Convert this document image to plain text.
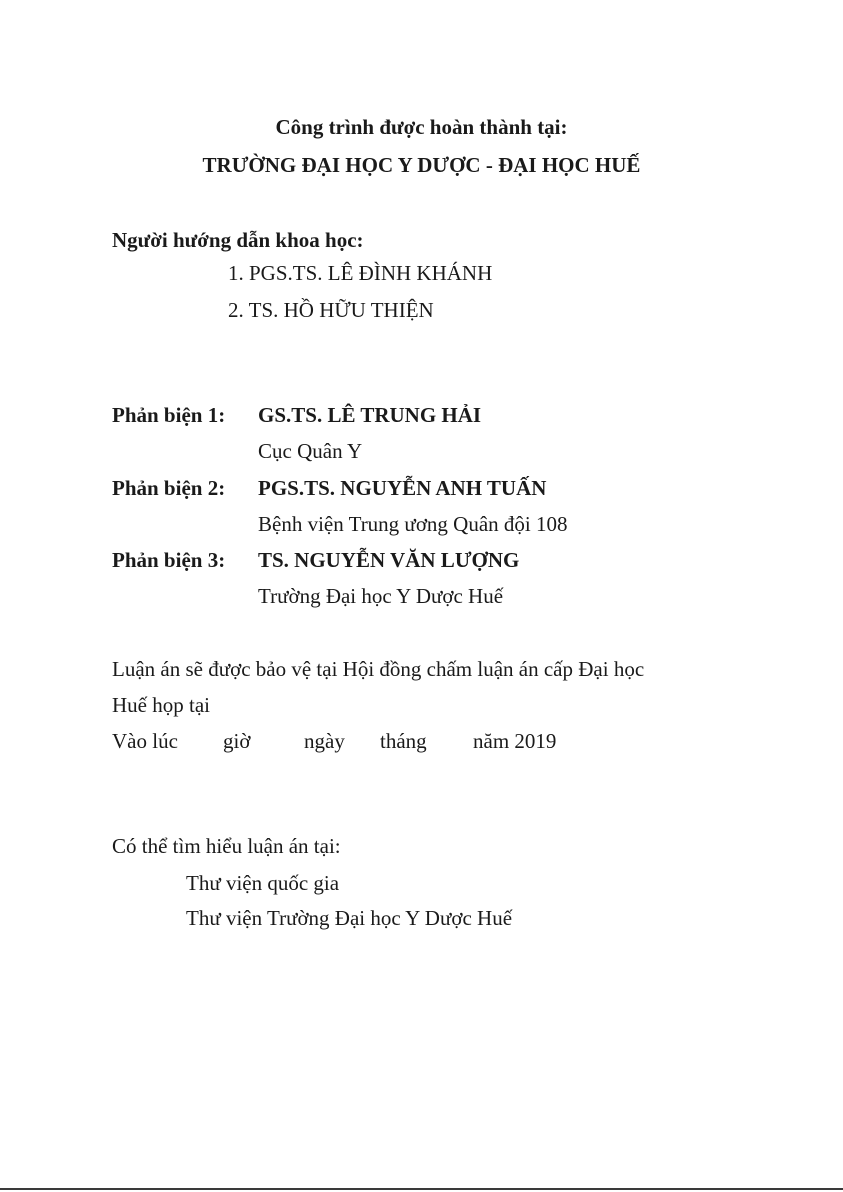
Công trình được hoàn thành tại:
TRƯỜNG ĐẠI HỌC Y DƯỢC - ĐẠI HỌC HUẾ
Người hướng dẫn khoa học:
1. PGS.TS. LÊ ĐÌNH KHÁNH
2. TS. HỒ HỮU THIỆN
Phản biện 1: GS.TS. LÊ TRUNG HẢI
Cục Quân Y
Phản biện 2: PGS.TS. NGUYỄN ANH TUẤN
Bệnh viện Trung ương Quân đội 108
Phản biện 3: TS. NGUYỄN VĂN LƯỢNG
Trường Đại học Y Dược Huế
Luận án sẽ được bảo vệ tại Hội đồng chấm luận án cấp Đại học
Huế họp tại
Vào lúc giờ	ngày tháng năm 2019
Có thể tìm hiểu luận án tại:
Thư viện quốc gia
Thư viện Trường Đại học Y Dược Huế
